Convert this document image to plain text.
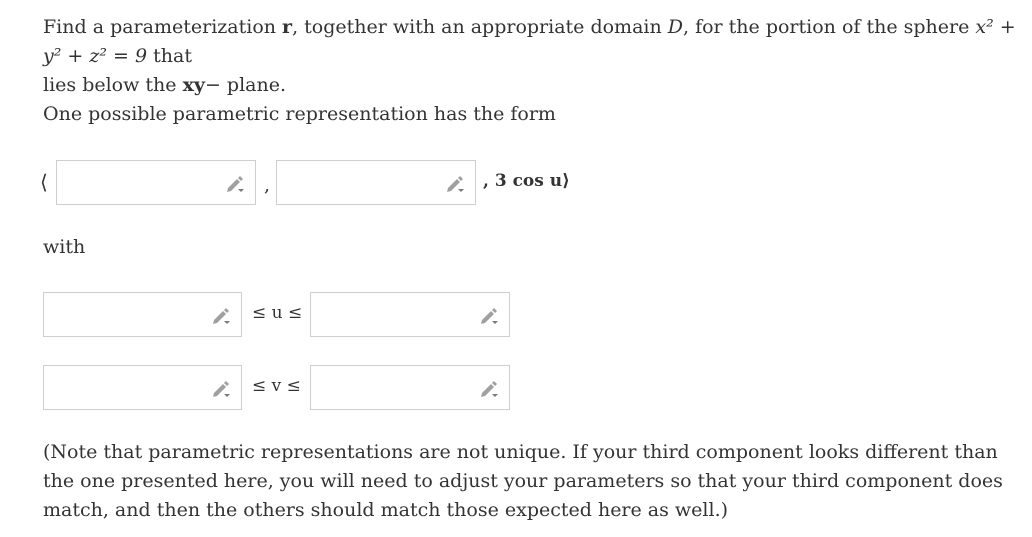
Find a parameterization r, together with an appropriate domain D, for the portion of the sphere x² + y² + z² = 9 that
lies below the xy− plane.
One possible parametric representation has the form
⟨	,	, 3 cos u⟩
with
≤ u ≤
≤ v ≤
(Note that parametric representations are not unique. If your third component looks different than the one presented here, you will need to adjust your parameters so that your third component does match, and then the others should match those expected here as well.)
